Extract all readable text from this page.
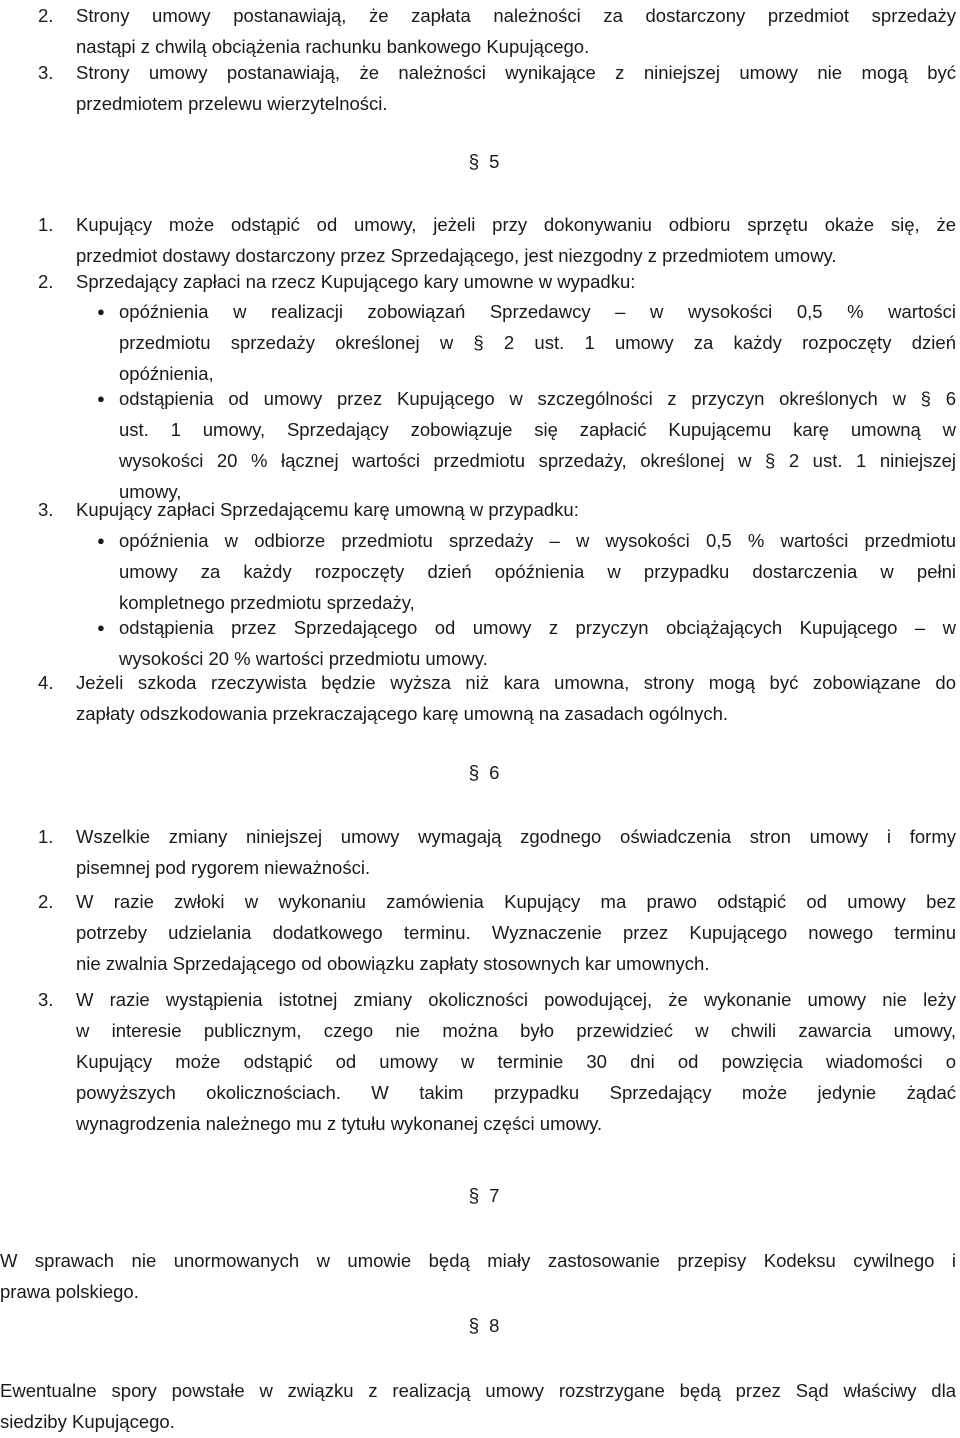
2. Strony umowy postanawiają, że zapłata należności za dostarczony przedmiot sprzedaży
nastąpi z chwilą obciążenia rachunku bankowego Kupującego.
3. Strony umowy postanawiają, że należności wynikające z niniejszej umowy nie mogą być
przedmiotem przelewu wierzytelności.
§ 5
1. Kupujący może odstąpić od umowy, jeżeli przy dokonywaniu odbioru sprzętu okaże się, że
przedmiot dostawy dostarczony przez Sprzedającego, jest niezgodny z przedmiotem umowy.
2. Sprzedający zapłaci na rzecz Kupującego kary umowne w wypadku:
● opóźnienia w realizacji zobowiązań Sprzedawcy – w wysokości 0,5 % wartości
przedmiotu sprzedaży określonej w § 2 ust. 1 umowy za każdy rozpoczęty dzień
opóźnienia,
● odstąpienia od umowy przez Kupującego w szczególności z przyczyn określonych w § 6
ust. 1 umowy, Sprzedający zobowiązuje się zapłacić Kupującemu karę umowną w
wysokości 20 % łącznej wartości przedmiotu sprzedaży, określonej w § 2 ust. 1 niniejszej
umowy,
3. Kupujący zapłaci Sprzedającemu karę umowną w przypadku:
● opóźnienia w odbiorze przedmiotu sprzedaży – w wysokości 0,5 % wartości przedmiotu
umowy za każdy rozpoczęty dzień opóźnienia w przypadku dostarczenia w pełni
kompletnego przedmiotu sprzedaży,
● odstąpienia przez Sprzedającego od umowy z przyczyn obciążających Kupującego – w
wysokości 20 % wartości przedmiotu umowy.
4. Jeżeli szkoda rzeczywista będzie wyższa niż kara umowna, strony mogą być zobowiązane do
zapłaty odszkodowania przekraczającego karę umowną na zasadach ogólnych.
§ 6
1. Wszelkie zmiany niniejszej umowy wymagają zgodnego oświadczenia stron umowy i formy
pisemnej pod rygorem nieważności.
2. W razie zwłoki w wykonaniu zamówienia Kupujący ma prawo odstąpić od umowy bez
potrzeby udzielania dodatkowego terminu. Wyznaczenie przez Kupującego nowego terminu
nie zwalnia Sprzedającego od obowiązku zapłaty stosownych kar umownych.
3. W razie wystąpienia istotnej zmiany okoliczności powodującej, że wykonanie umowy nie leży
w interesie publicznym, czego nie można było przewidzieć w chwili zawarcia umowy,
Kupujący może odstąpić od umowy w terminie 30 dni od powzięcia wiadomości o
powyższych okolicznościach. W takim przypadku Sprzedający może jedynie żądać
wynagrodzenia należnego mu z tytułu wykonanej części umowy.
§ 7
W sprawach nie unormowanych w umowie będą miały zastosowanie przepisy Kodeksu cywilnego i
prawa polskiego.
§ 8
Ewentualne spory powstałe w związku z realizacją umowy rozstrzygane będą przez Sąd właściwy dla
siedziby Kupującego.
